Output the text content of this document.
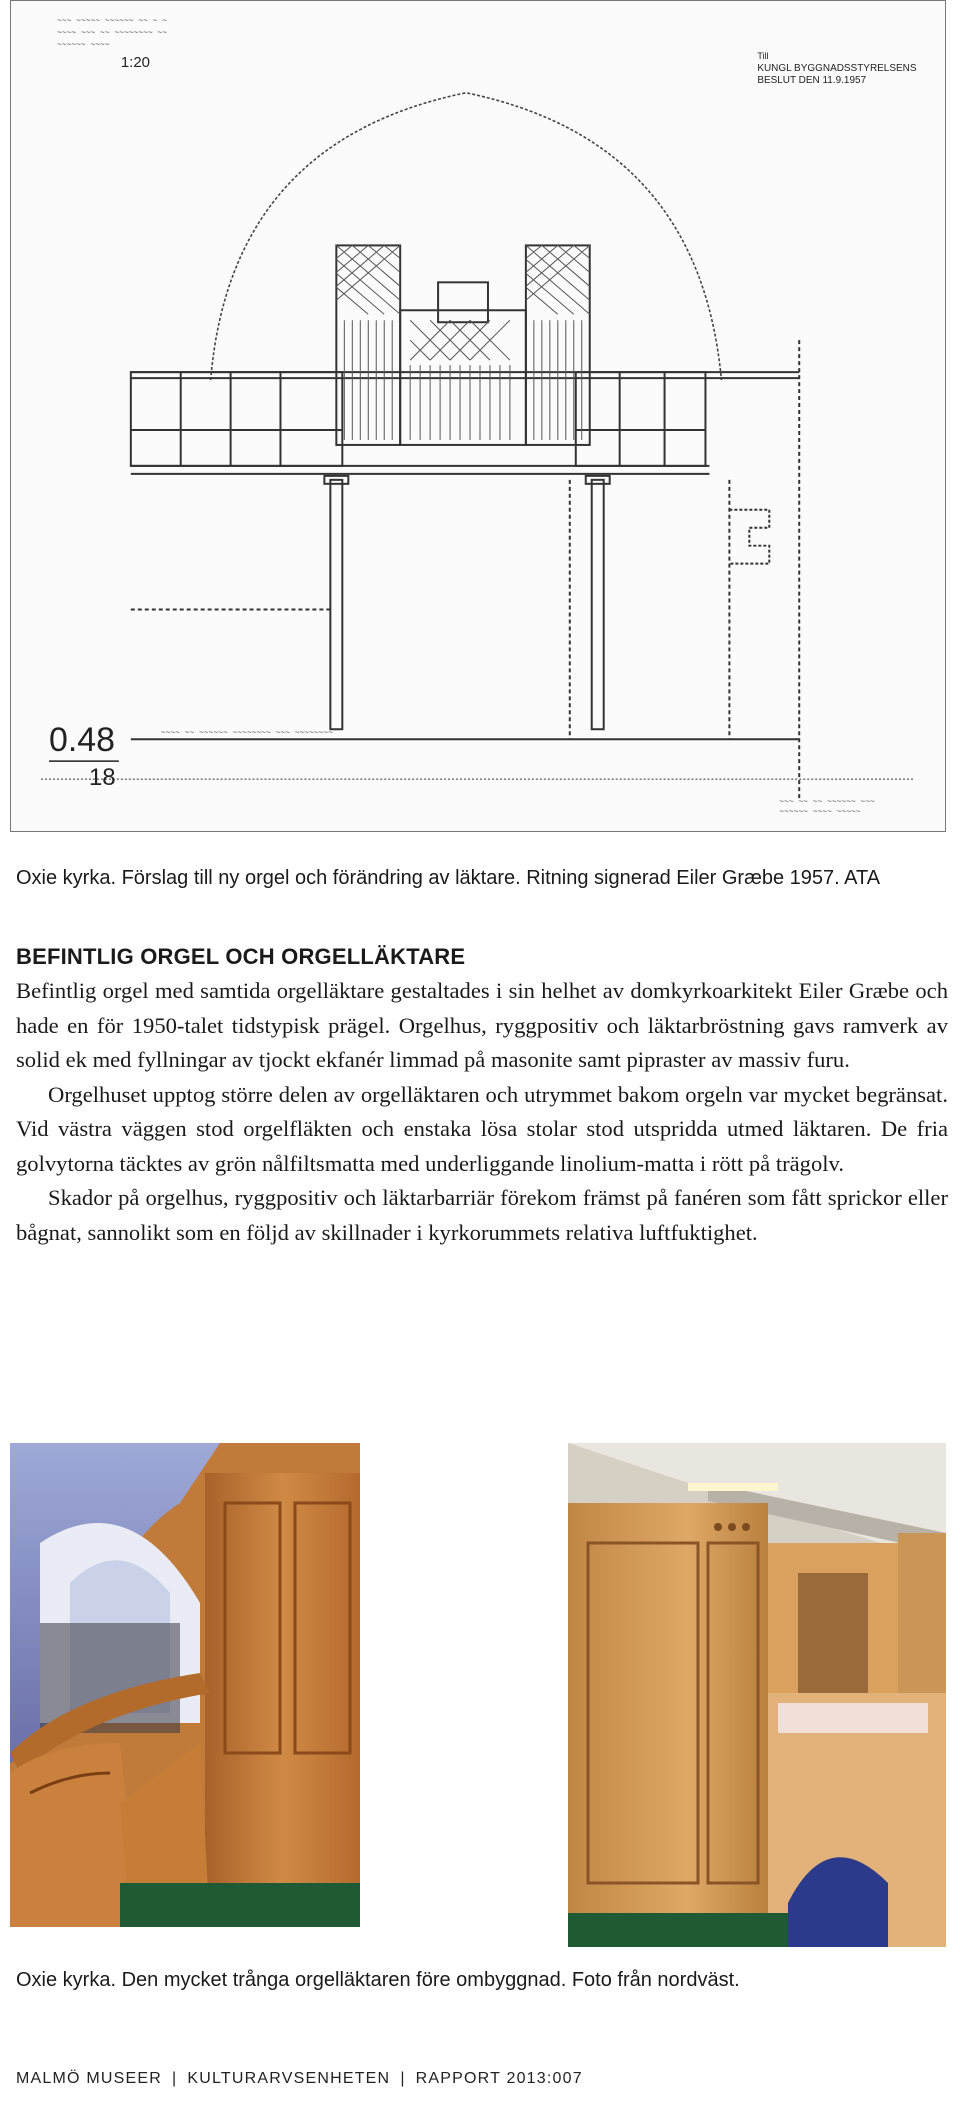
~~~ ~~~~~ ~~~~~~ ~~ ~ ~
~~~~ ~~~ ~~ ~~~~~~~~ ~~
~~~~~~ ~~~~
~~~~ ~~ ~~~~~~ ~~~~~~~~ ~~~ ~~~~~~~~
~~~ ~~ ~~ ~~~~~~ ~~~
~~~~~~ ~~~~ ~~~~~
1:20	Till
KUNGL BYGGNADSSTYRELSENS
BESLUT DEN 11.9.1957
0.48
18
Oxie kyrka. Förslag till ny orgel och förändring av läktare. Ritning signerad Eiler Græbe 1957. ATA
BEFINTLIG ORGEL OCH ORGELLÄKTARE

Befintlig orgel med samtida orgelläktare gestaltades i sin helhet av domkyrkoarkitekt Eiler Græbe och hade en för 1950-talet tidstypisk prägel. Orgelhus, ryggpositiv och läktarbröstning gavs ramverk av solid ek med fyllningar av tjockt ekfanér limmad på masonite samt pipraster av massiv furu.

Orgelhuset upptog större delen av orgelläktaren och utrymmet bakom orgeln var mycket begränsat. Vid västra väggen stod orgelfläkten och enstaka lösa stolar stod utspridda utmed läktaren. De fria golvytorna täcktes av grön nålfiltsmatta med underliggande linolium-matta i rött på trägolv.

Skador på orgelhus, ryggpositiv och läktarbarriär förekom främst på fanéren som fått sprickor eller bågnat, sannolikt som en följd av skillnader i kyrkorummets relativa luftfuktighet.

Oxie kyrka. Den mycket trånga orgelläktaren före ombyggnad. Foto från nordväst.
MALMÖ MUSEER | KULTURARVSENHETEN | RAPPORT 2013:007
